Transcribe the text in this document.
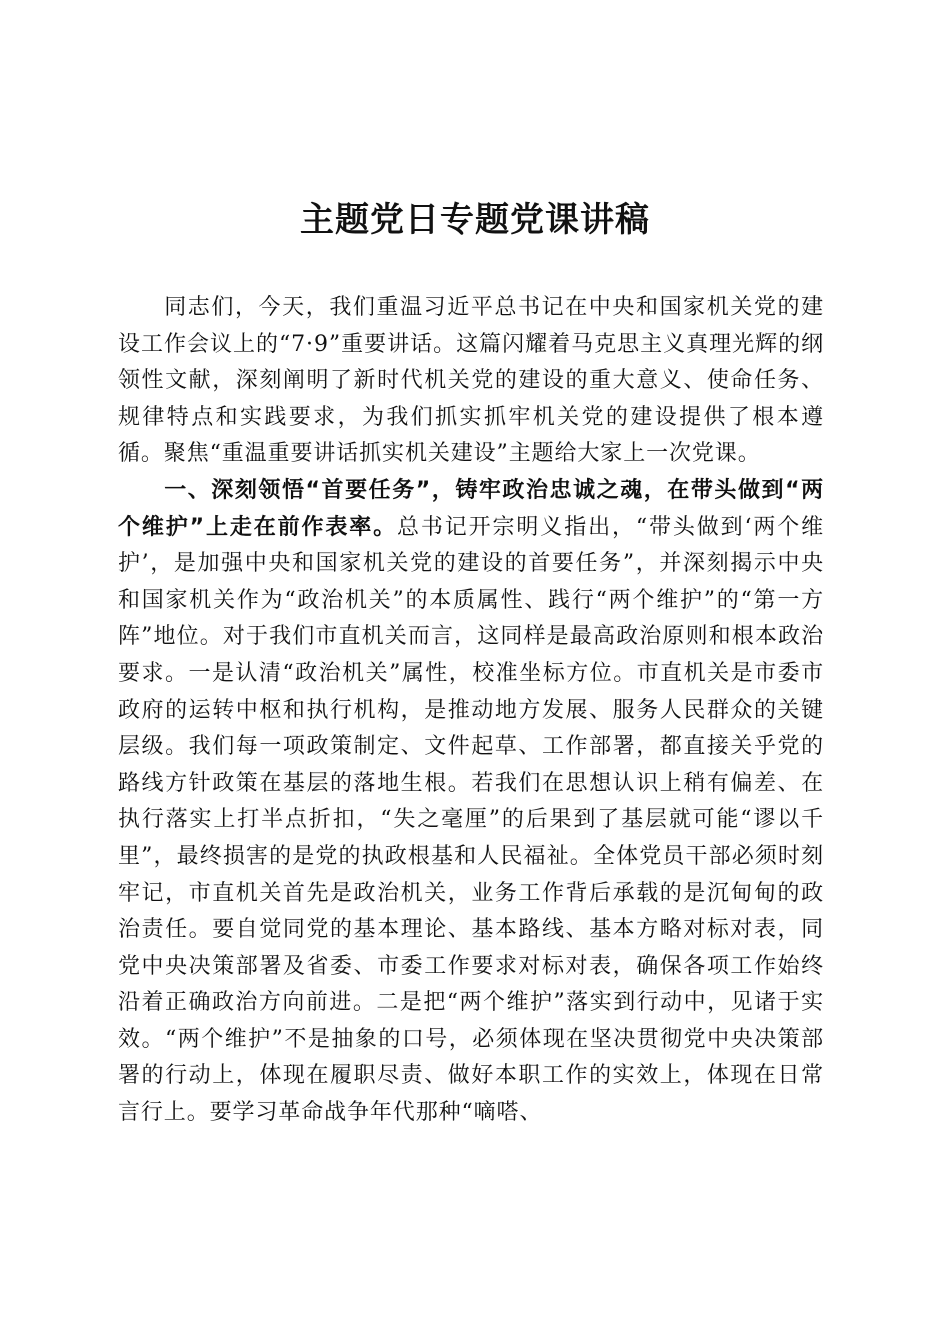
主题党日专题党课讲稿

同志们，今天，我们重温习近平总书记在中央和国家机关党的建设工作会议上的“7·9”重要讲话。这篇闪耀着马克思主义真理光辉的纲领性文献，深刻阐明了新时代机关党的建设的重大意义、使命任务、规律特点和实践要求，为我们抓实抓牢机关党的建设提供了根本遵循。聚焦“重温重要讲话抓实机关建设”主题给大家上一次党课。

一、深刻领悟“首要任务”，铸牢政治忠诚之魂，在带头做到“两个维护”上走在前作表率。总书记开宗明义指出，“带头做到‘两个维护’，是加强中央和国家机关党的建设的首要任务”，并深刻揭示中央和国家机关作为“政治机关”的本质属性、践行“两个维护”的“第一方阵”地位。对于我们市直机关而言，这同样是最高政治原则和根本政治要求。一是认清“政治机关”属性，校准坐标方位。市直机关是市委市政府的运转中枢和执行机构，是推动地方发展、服务人民群众的关键层级。我们每一项政策制定、文件起草、工作部署，都直接关乎党的路线方针政策在基层的落地生根。若我们在思想认识上稍有偏差、在执行落实上打半点折扣，“失之毫厘”的后果到了基层就可能“谬以千里”，最终损害的是党的执政根基和人民福祉。全体党员干部必须时刻牢记，市直机关首先是政治机关，业务工作背后承载的是沉甸甸的政治责任。要自觉同党的基本理论、基本路线、基本方略对标对表，同党中央决策部署及省委、市委工作要求对标对表，确保各项工作始终沿着正确政治方向前进。二是把“两个维护”落实到行动中，见诸于实效。“两个维护”不是抽象的口号，必须体现在坚决贯彻党中央决策部署的行动上，体现在履职尽责、做好本职工作的实效上，体现在日常言行上。要学习革命战争年代那种“嘀嗒、
